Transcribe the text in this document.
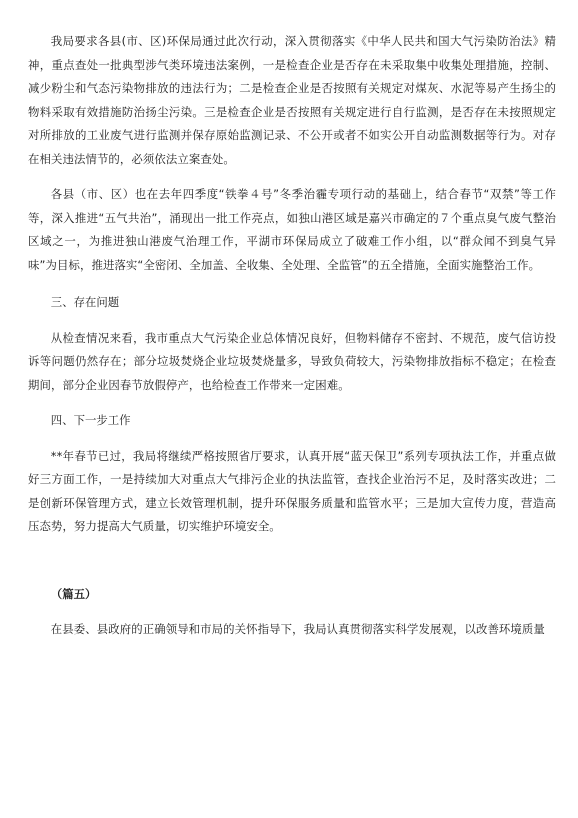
我局要求各县(市、区)环保局通过此次行动，深入贯彻落实《中华人民共和国大气污染防治法》精神，重点查处一批典型涉气类环境违法案例，一是检查企业是否存在未采取集中收集处理措施，控制、减少粉尘和气态污染物排放的违法行为；二是检查企业是否按照有关规定对煤灰、水泥等易产生扬尘的物料采取有效措施防治扬尘污染。三是检查企业是否按照有关规定进行自行监测，是否存在未按照规定对所排放的工业废气进行监测并保存原始监测记录、不公开或者不如实公开自动监测数据等行为。对存在相关违法情节的，必须依法立案查处。

各县（市、区）也在去年四季度“铁拳４号”冬季治霾专项行动的基础上，结合春节“双禁”等工作等，深入推进“五气共治”，涌现出一批工作亮点，如独山港区域是嘉兴市确定的７个重点臭气废气整治区域之一，为推进独山港废气治理工作，平湖市环保局成立了破难工作小组，以“群众闻不到臭气异味”为目标，推进落实“全密闭、全加盖、全收集、全处理、全监管”的五全措施，全面实施整治工作。

三、存在问题

从检查情况来看，我市重点大气污染企业总体情况良好，但物料储存不密封、不规范，废气信访投诉等问题仍然存在；部分垃圾焚烧企业垃圾焚烧量多，导致负荷较大，污染物排放指标不稳定；在检查期间，部分企业因春节放假停产，也给检查工作带来一定困难。

四、下一步工作

**年春节已过，我局将继续严格按照省厅要求，认真开展“蓝天保卫”系列专项执法工作，并重点做好三方面工作，一是持续加大对重点大气排污企业的执法监管，查找企业治污不足，及时落实改进；二是创新环保管理方式，建立长效管理机制，提升环保服务质量和监管水平；三是加大宣传力度，营造高压态势，努力提高大气质量，切实维护环境安全。

（篇五）

在县委、县政府的正确领导和市局的关怀指导下，我局认真贯彻落实科学发展观，以改善环境质量
